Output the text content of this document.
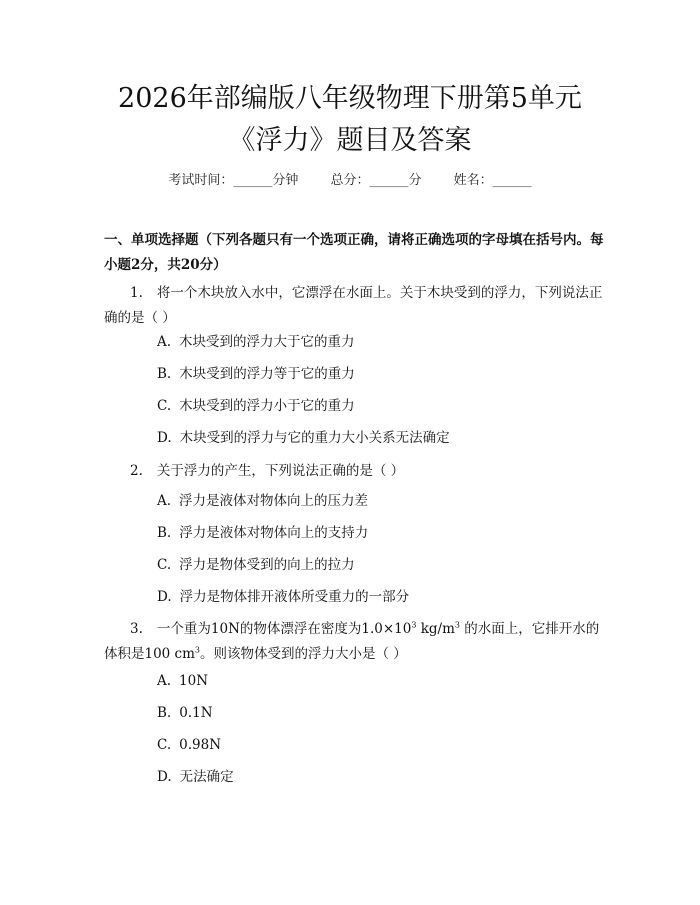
2026年部编版八年级物理下册第5单元《浮力》题目及答案
考试时间：______分钟 总分：______分 姓名：______

一、单项选择题（下列各题只有一个选项正确，请将正确选项的字母填在括号内。每小题2分，共20分）

1. 将一个木块放入水中，它漂浮在水面上。关于木块受到的浮力，下列说法正确的是（ ）

A. 木块受到的浮力大于它的重力

B. 木块受到的浮力等于它的重力

C. 木块受到的浮力小于它的重力

D. 木块受到的浮力与它的重力大小关系无法确定

2. 关于浮力的产生，下列说法正确的是（ ）

A. 浮力是液体对物体向上的压力差

B. 浮力是液体对物体向上的支持力

C. 浮力是物体受到的向上的拉力

D. 浮力是物体排开液体所受重力的一部分

3. 一个重为10N的物体漂浮在密度为$1.0\times 10^3$ $kg/m^3$ 的水面上，它排开水的体积是100 $cm^3$。则该物体受到的浮力大小是（ ）

A. 10N

B. 0.1N

C. 0.98N

D. 无法确定
